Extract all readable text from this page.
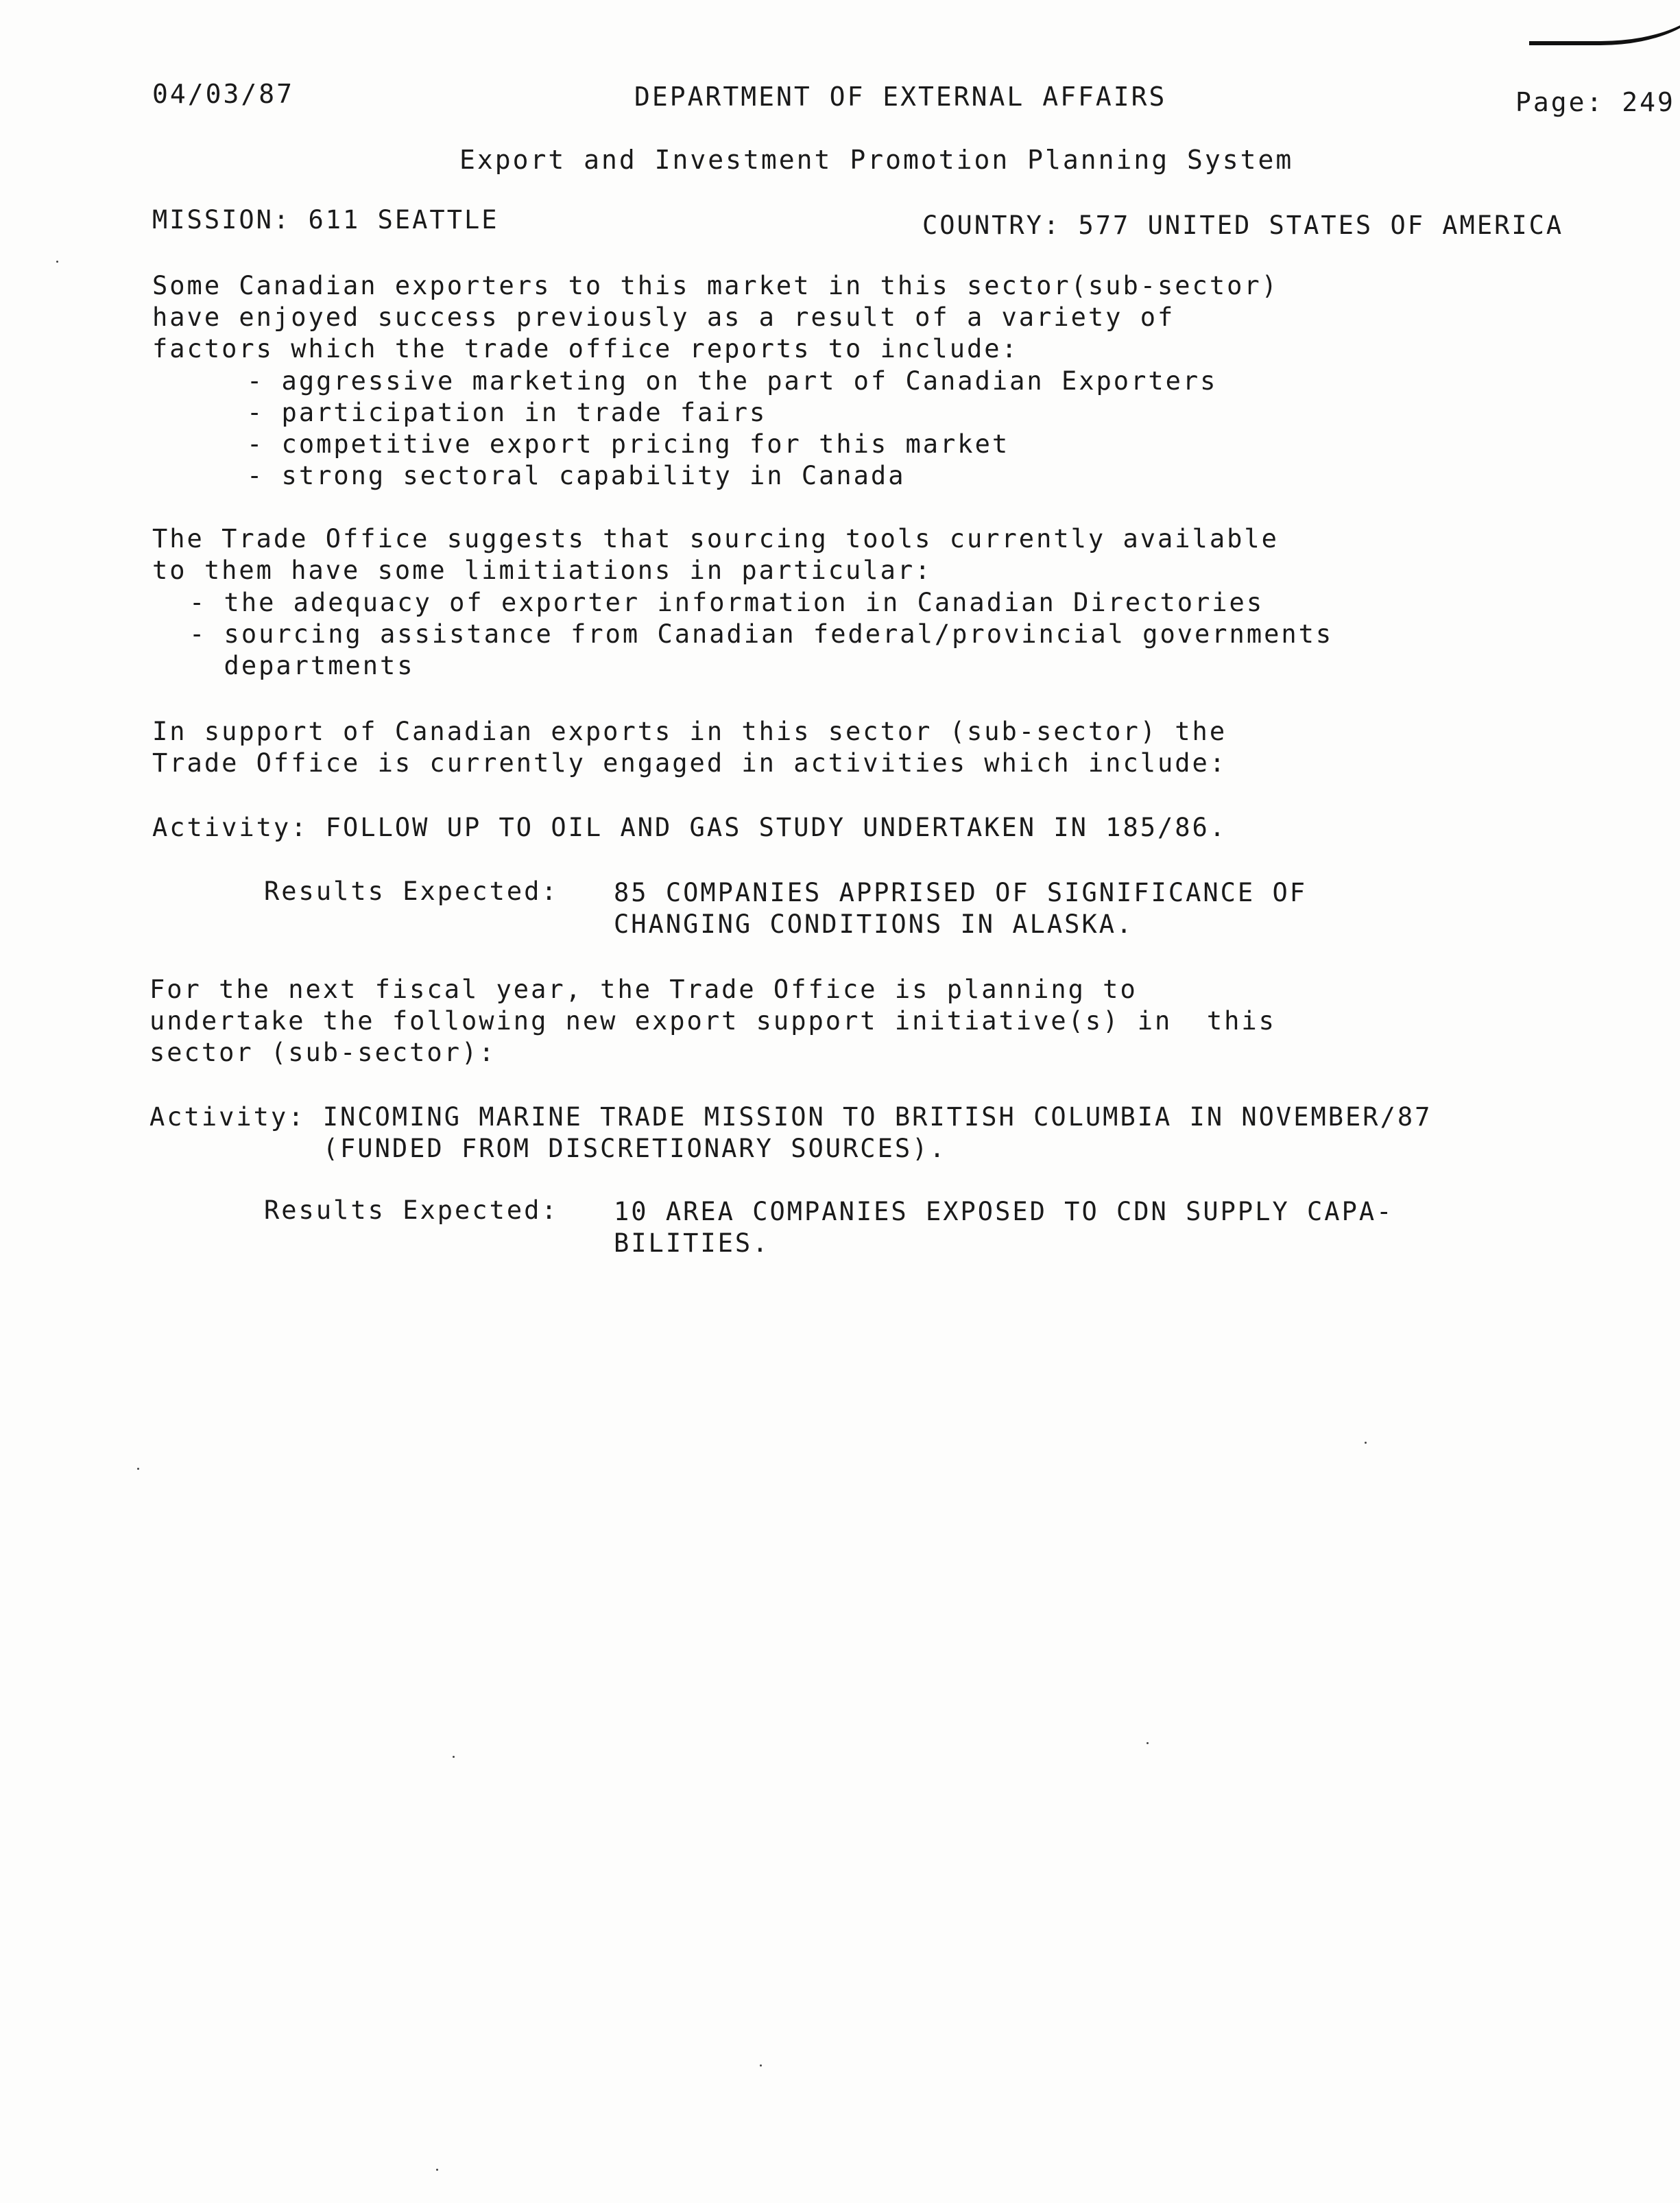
04/03/87	DEPARTMENT OF EXTERNAL AFFAIRS	Page: 249
Export and Investment Promotion Planning System
MISSION: 611 SEATTLE	COUNTRY: 577 UNITED STATES OF AMERICA
Some Canadian exporters to this market in this sector(sub-sector)
have enjoyed success previously as a result of a variety of
factors which the trade office reports to include:
- aggressive marketing on the part of Canadian Exporters
- participation in trade fairs
- competitive export pricing for this market
- strong sectoral capability in Canada
The Trade Office suggests that sourcing tools currently available
to them have some limitiations in particular:
- the adequacy of exporter information in Canadian Directories
- sourcing assistance from Canadian federal/provincial governments
departments
In support of Canadian exports in this sector (sub-sector) the
Trade Office is currently engaged in activities which include:
Activity: FOLLOW UP TO OIL AND GAS STUDY UNDERTAKEN IN 185/86.
Results Expected: 85 COMPANIES APPRISED OF SIGNIFICANCE OF
CHANGING CONDITIONS IN ALASKA.
For the next fiscal year, the Trade Office is planning to
undertake the following new export support initiative(s) in  this
sector (sub-sector):
Activity: INCOMING MARINE TRADE MISSION TO BRITISH COLUMBIA IN NOVEMBER/87
(FUNDED FROM DISCRETIONARY SOURCES).
Results Expected: 10 AREA COMPANIES EXPOSED TO CDN SUPPLY CAPA-
BILITIES.
